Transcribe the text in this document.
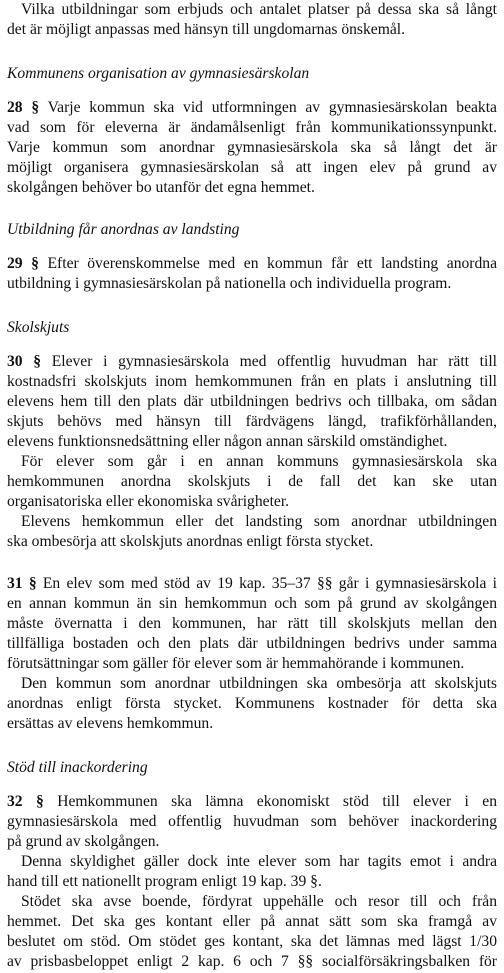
Vilka utbildningar som erbjuds och antalet platser på dessa ska så långt
det är möjligt anpassas med hänsyn till ungdomarnas önskemål.
Kommunens organisation av gymnasiesärskolan
28 § Varje kommun ska vid utformningen av gymnasiesärskolan beakta
vad som för eleverna är ändamålsenligt från kommunikationssynpunkt.
Varje kommun som anordnar gymnasiesärskola ska så långt det är
möjligt organisera gymnasiesärskolan så att ingen elev på grund av
skolgången behöver bo utanför det egna hemmet.
Utbildning får anordnas av landsting
29 § Efter överenskommelse med en kommun får ett landsting anordna
utbildning i gymnasiesärskolan på nationella och individuella program.
Skolskjuts
30 § Elever i gymnasiesärskola med offentlig huvudman har rätt till
kostnadsfri skolskjuts inom hemkommunen från en plats i anslutning till
elevens hem till den plats där utbildningen bedrivs och tillbaka, om sådan
skjuts behövs med hänsyn till färdvägens längd, trafikförhållanden,
elevens funktionsnedsättning eller någon annan särskild omständighet.
För elever som går i en annan kommuns gymnasiesärskola ska
hemkommunen anordna skolskjuts i de fall det kan ske utan
organisatoriska eller ekonomiska svårigheter.
Elevens hemkommun eller det landsting som anordnar utbildningen
ska ombesörja att skolskjuts anordnas enligt första stycket.
31 § En elev som med stöd av 19 kap. 35–37 §§ går i gymnasiesärskola i
en annan kommun än sin hemkommun och som på grund av skolgången
måste övernatta i den kommunen, har rätt till skolskjuts mellan den
tillfälliga bostaden och den plats där utbildningen bedrivs under samma
förutsättningar som gäller för elever som är hemmahörande i kommunen.
Den kommun som anordnar utbildningen ska ombesörja att skolskjuts
anordnas enligt första stycket. Kommunens kostnader för detta ska
ersättas av elevens hemkommun.
Stöd till inackordering
32 § Hemkommunen ska lämna ekonomiskt stöd till elever i en
gymnasiesärskola med offentlig huvudman som behöver inackordering
på grund av skolgången.
Denna skyldighet gäller dock inte elever som har tagits emot i andra
hand till ett nationellt program enligt 19 kap. 39 §.
Stödet ska avse boende, fördyrat uppehälle och resor till och från
hemmet. Det ska ges kontant eller på annat sätt som ska framgå av
beslutet om stöd. Om stödet ges kontant, ska det lämnas med lägst 1/30
av prisbasbeloppet enligt 2 kap. 6 och 7 §§ socialförsäkringsbalken för
